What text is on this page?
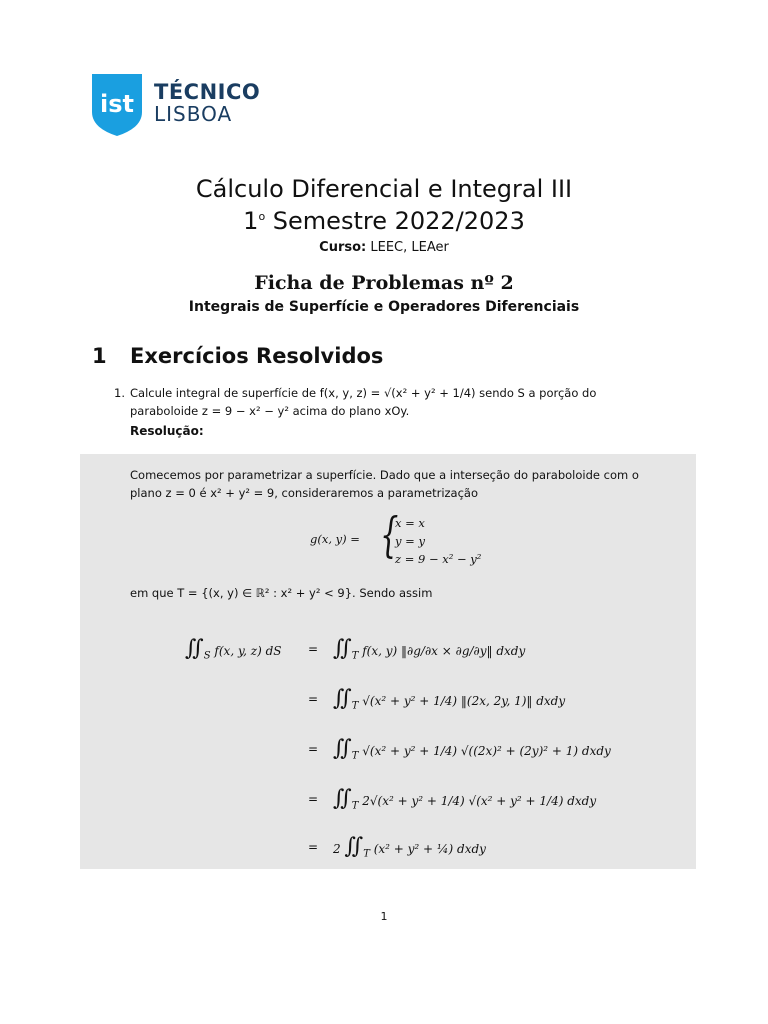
ist TÉCNICO
LISBOA
Cálculo Diferencial e Integral III
1$^o$ Semestre 2022/2023
Curso: LEEC, LEAer
Ficha de Problemas nº 2
Integrais de Superfície e Operadores Diferenciais
1 Exercícios Resolvidos
1. Calcule integral de superfície de f(x, y, z) = √(x² + y² + 1/4) sendo S a porção do
paraboloide z = 9 − x² − y² acima do plano xOy.
Resolução:
Comecemos por parametrizar a superfície. Dado que a interseção do paraboloide com o
plano z = 0 é x² + y² = 9, consideraremos a parametrização
g(x, y) = {
x = x
y = y
z = 9 − x² − y²
em que T = {(x, y) ∈ ℝ² : x² + y² < 9}. Sendo assim
$∬_S$ f(x, y, z) dS = $∬_T$ f(x, y) ‖∂g/∂x × ∂g/∂y‖ dxdy
= $∬_T$ √(x² + y² + 1/4) ‖(2x, 2y, 1)‖ dxdy
= $∬_T$ √(x² + y² + 1/4) √((2x)² + (2y)² + 1) dxdy
= $∬_T$ 2√(x² + y² + 1/4) √(x² + y² + 1/4) dxdy
= 2 $∬_T$ (x² + y² + ¼) dxdy
1
